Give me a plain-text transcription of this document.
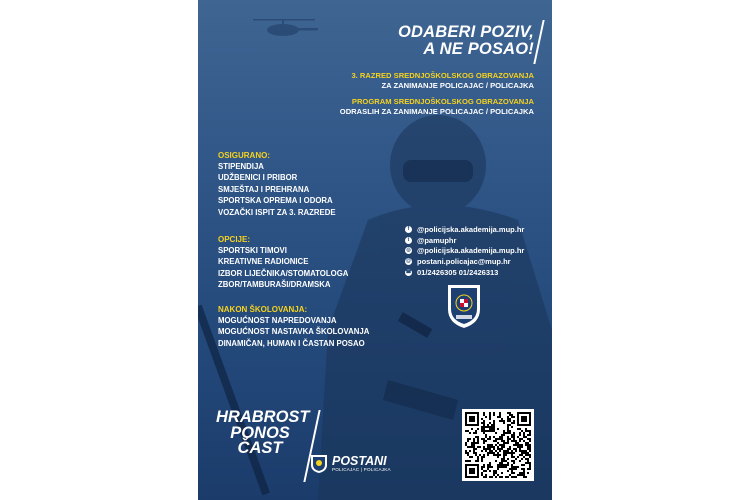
ODABERI POZIV,
A NE POSAO!
3. RAZRED SREDNJOŠKOLSKOG OBRAZOVANJA
ZA ZANIMANJE POLICAJAC / POLICAJKA
PROGRAM SREDNJOŠKOLSKOG OBRAZOVANJA
ODRASLIH ZA ZANIMANJE POLICAJAC / POLICAJKA
OSIGURANO:
STIPENDIJA
UDŽBENICI I PRIBOR
SMJEŠTAJ I PREHRANA
SPORTSKA OPREMA I ODORA
VOZAČKI ISPIT ZA 3. RAZREDE
OPCIJE:
SPORTSKI TIMOVI
KREATIVNE RADIONICE
IZBOR LIJEČNIKA/STOMATOLOGA
ZBOR/TAMBURAŠI/DRAMSKA
NAKON ŠKOLOVANJA:
MOGUĆNOST NAPREDOVANJA
MOGUĆNOST NASTAVKA ŠKOLOVANJA
DINAMIČAN, HUMAN I ČASTAN POSAO
f	@policijska.akademija.mup.hr
t	@pamuphr
◎ @policijska.akademija.mup.hr
@ postani.policajac@mup.hr
☎ 01/2426305 01/2426313
HRABROST
PONOS
ČAST
POSTANI
POLICAJAC | POLICAJKA
